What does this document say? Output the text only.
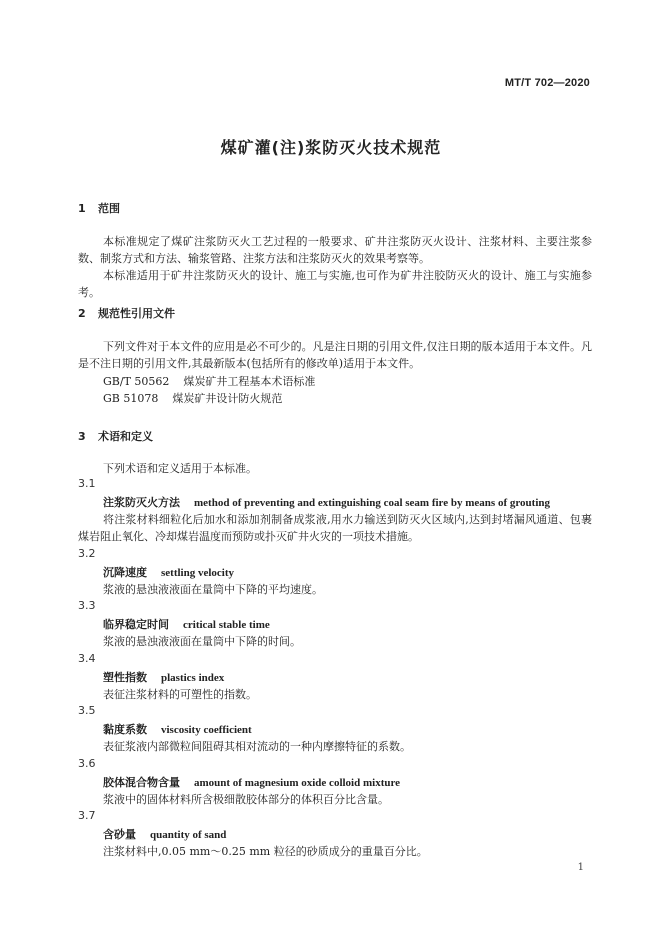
MT/T 702—2020
煤矿灌(注)浆防灭火技术规范
1 范围
本标准规定了煤矿注浆防灭火工艺过程的一般要求、矿井注浆防灭火设计、注浆材料、主要注浆参数、制浆方式和方法、输浆管路、注浆方法和注浆防灭火的效果考察等。
本标准适用于矿井注浆防灭火的设计、施工与实施,也可作为矿井注胶防灭火的设计、施工与实施参考。
2 规范性引用文件
下列文件对于本文件的应用是必不可少的。凡是注日期的引用文件,仅注日期的版本适用于本文件。凡是不注日期的引用文件,其最新版本(包括所有的修改单)适用于本文件。
GB/T 50562 煤炭矿井工程基本术语标准
GB 51078 煤炭矿井设计防火规范
3 术语和定义
下列术语和定义适用于本标准。
3.1
注浆防灭火方法 method of preventing and extinguishing coal seam fire by means of grouting
将注浆材料细粒化后加水和添加剂制备成浆液,用水力输送到防灭火区域内,达到封堵漏风通道、包裹煤岩阻止氧化、冷却煤岩温度而预防或扑灭矿井火灾的一项技术措施。
3.2
沉降速度 settling velocity
浆液的悬浊液液面在量筒中下降的平均速度。
3.3
临界稳定时间 critical stable time
浆液的悬浊液液面在量筒中下降的时间。
3.4
塑性指数 plastics index
表征注浆材料的可塑性的指数。
3.5
黏度系数 viscosity coefficient
表征浆液内部微粒间阻碍其相对流动的一种内摩擦特征的系数。
3.6
胶体混合物含量 amount of magnesium oxide colloid mixture
浆液中的固体材料所含极细散胶体部分的体积百分比含量。
3.7
含砂量 quantity of sand
注浆材料中,0.05 mm～0.25 mm 粒径的砂质成分的重量百分比。
1
